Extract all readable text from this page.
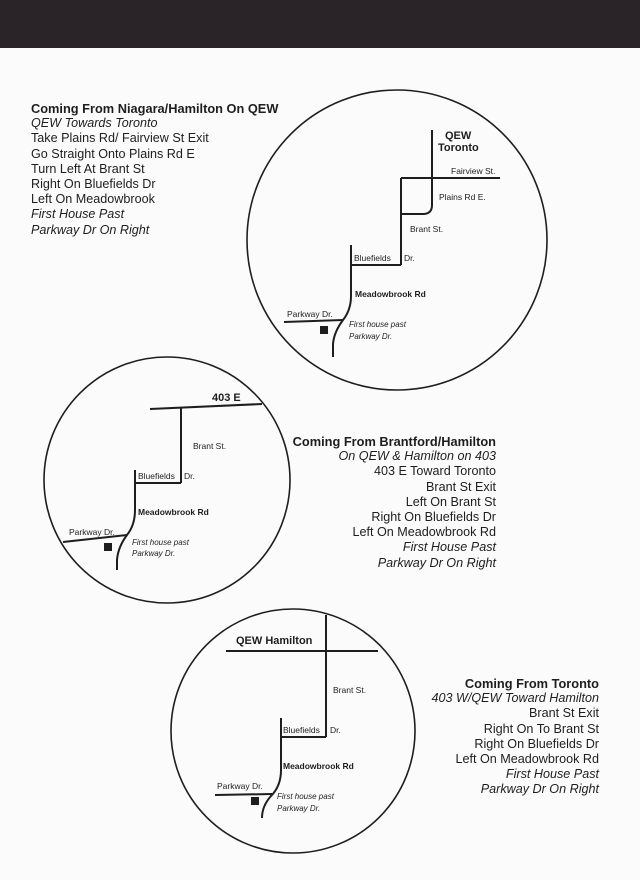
Coming From Niagara/Hamilton On QEW
QEW Towards Toronto
Take Plains Rd/ Fairview St Exit
Go Straight Onto Plains Rd E
Turn Left At Brant St
Right On Bluefields Dr
Left On Meadowbrook
First House Past
Parkway Dr On Right
Coming From Brantford/Hamilton
On QEW & Hamilton on 403
403 E Toward Toronto
Brant St Exit
Left On Brant St
Right On Bluefields Dr
Left On Meadowbrook Rd
First House Past
Parkway Dr On Right
Coming From Toronto
403 W/QEW Toward Hamilton
Brant St Exit
Right On To Brant St
Right On Bluefields Dr
Left On Meadowbrook Rd
First House Past
Parkway Dr On Right
QEW
Toronto
Fairview St.
Plains Rd E.
Brant St.
Bluefields Dr.
Meadowbrook Rd
Parkway Dr.
First house past
Parkway Dr.
403 E
Brant St.
Bluefields Dr.
Meadowbrook Rd
Parkway Dr.
First house past
Parkway Dr.
QEW Hamilton
Brant St.
Bluefields Dr.
Meadowbrook Rd
Parkway Dr.
First house past
Parkway Dr.
